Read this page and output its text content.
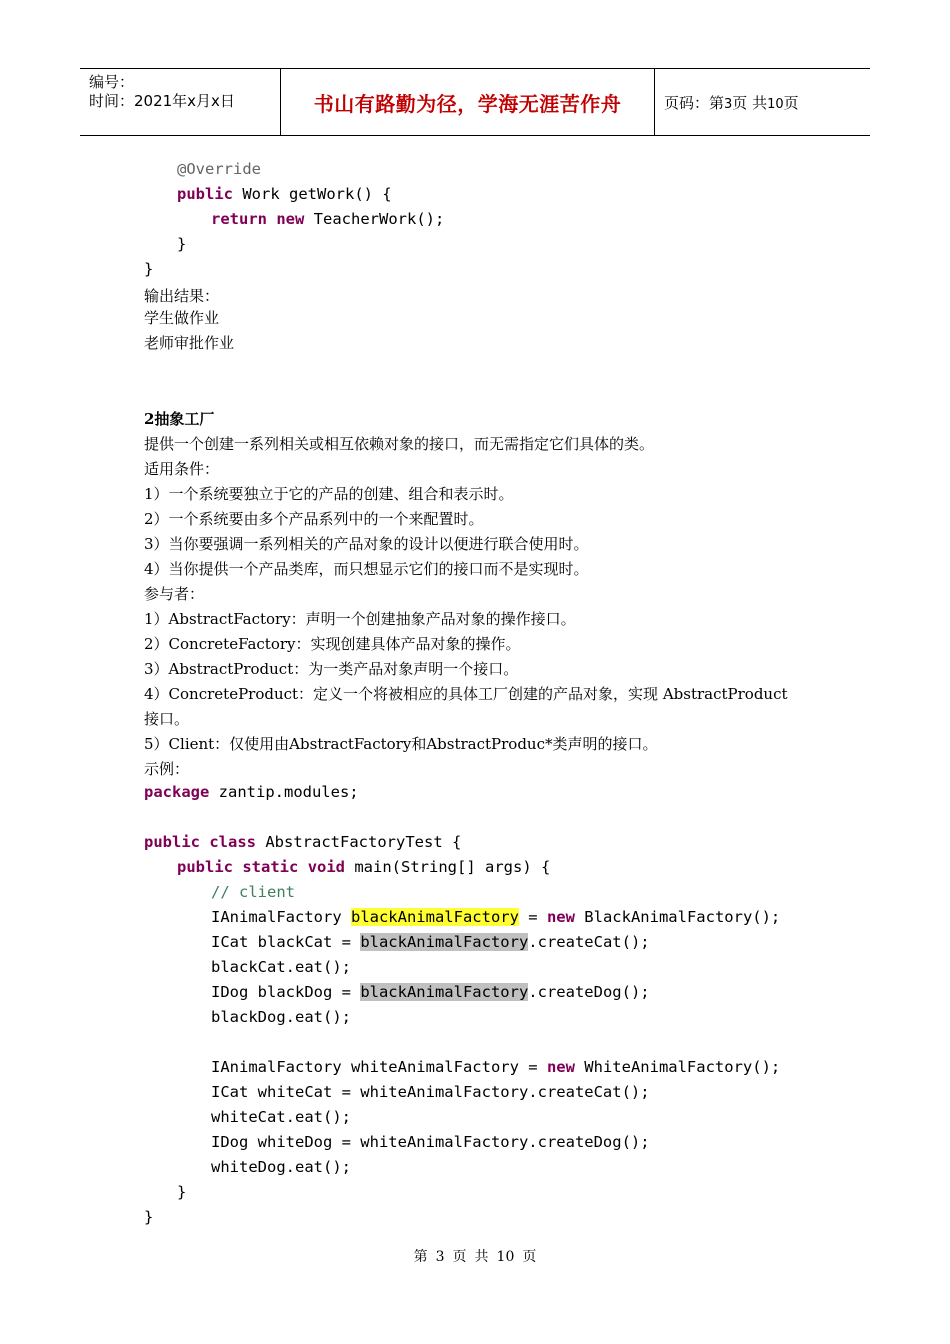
编号：
时间：2021年x月x日	书山有路勤为径，学海无涯苦作舟	页码：第3页 共10页
@Override
public Work getWork() {
return new TeacherWork();
}
}
输出结果：
学生做作业
老师审批作业
2抽象工厂
提供一个创建一系列相关或相互依赖对象的接口，而无需指定它们具体的类。
适用条件：
1）一个系统要独立于它的产品的创建、组合和表示时。
2）一个系统要由多个产品系列中的一个来配置时。
3）当你要强调一系列相关的产品对象的设计以便进行联合使用时。
4）当你提供一个产品类库，而只想显示它们的接口而不是实现时。
参与者：
1）AbstractFactory：声明一个创建抽象产品对象的操作接口。
2）ConcreteFactory：实现创建具体产品对象的操作。
3）AbstractProduct：为一类产品对象声明一个接口。
4）ConcreteProduct：定义一个将被相应的具体工厂创建的产品对象，实现 AbstractProduct
接口。
5）Client：仅使用由AbstractFactory和AbstractProduc*类声明的接口。
示例：
package zantip.modules;
public class AbstractFactoryTest {
public static void main(String[] args) {
// client
IAnimalFactory blackAnimalFactory = new BlackAnimalFactory();
ICat blackCat = blackAnimalFactory.createCat();
blackCat.eat();
IDog blackDog = blackAnimalFactory.createDog();
blackDog.eat();
IAnimalFactory whiteAnimalFactory = new WhiteAnimalFactory();
ICat whiteCat = whiteAnimalFactory.createCat();
whiteCat.eat();
IDog whiteDog = whiteAnimalFactory.createDog();
whiteDog.eat();
}
}
第 3 页 共 10 页
